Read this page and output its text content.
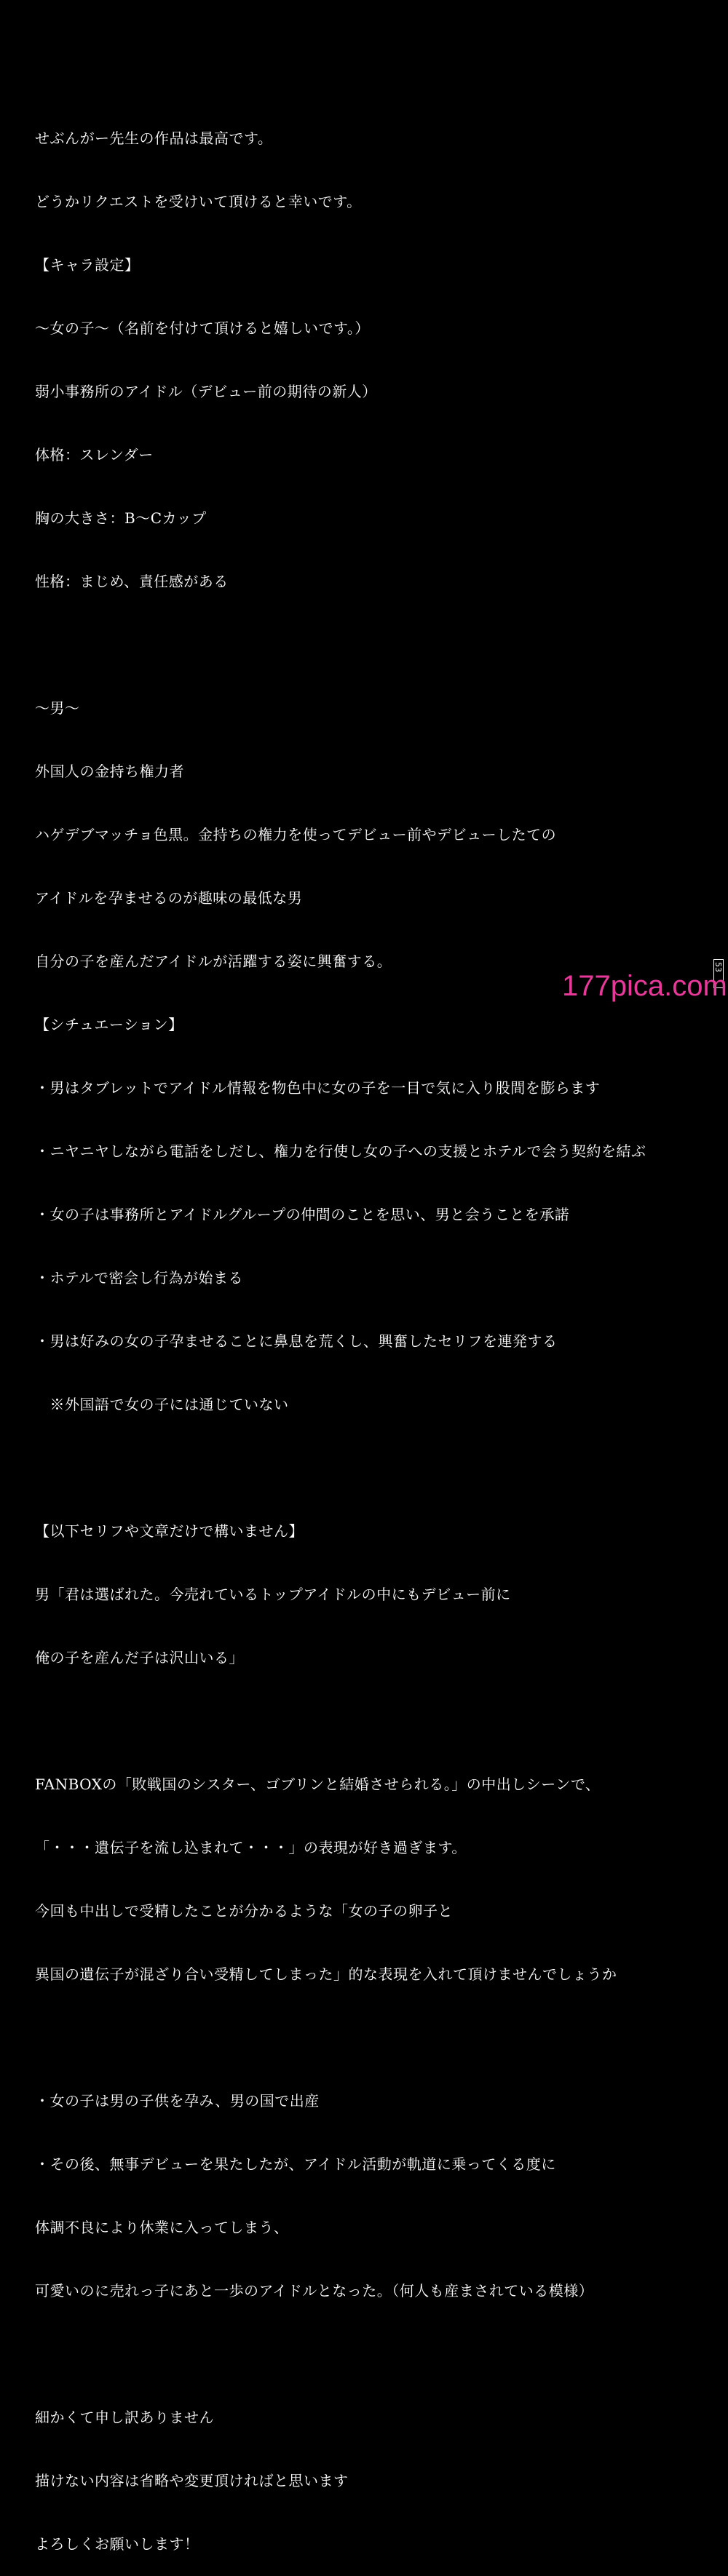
せぶんがー先生の作品は最高です。

どうかリクエストを受けいて頂けると幸いです。

【キャラ設定】

〜女の子〜（名前を付けて頂けると嬉しいです。）

弱小事務所のアイドル（デビュー前の期待の新人）

体格：スレンダー

胸の大きさ：B〜Cカップ

性格：まじめ、責任感がある

〜男〜

外国人の金持ち権力者

ハゲデブマッチョ色黒。金持ちの権力を使ってデビュー前やデビューしたての

アイドルを孕ませるのが趣味の最低な男

自分の子を産んだアイドルが活躍する姿に興奮する。

【シチュエーション】

・男はタブレットでアイドル情報を物色中に女の子を一目で気に入り股間を膨らます

・ニヤニヤしながら電話をしだし、権力を行使し女の子への支援とホテルで会う契約を結ぶ

・女の子は事務所とアイドルグループの仲間のことを思い、男と会うことを承諾

・ホテルで密会し行為が始まる

・男は好みの女の子孕ませることに鼻息を荒くし、興奮したセリフを連発する

　※外国語で女の子には通じていない

【以下セリフや文章だけで構いません】

男「君は選ばれた。今売れているトップアイドルの中にもデビュー前に

俺の子を産んだ子は沢山いる」

FANBOXの「敗戦国のシスター、ゴブリンと結婚させられる。」の中出しシーンで、

「・・・遺伝子を流し込まれて・・・」の表現が好き過ぎます。

今回も中出しで受精したことが分かるような「女の子の卵子と

異国の遺伝子が混ざり合い受精してしまった」的な表現を入れて頂けませんでしょうか

・女の子は男の子供を孕み、男の国で出産

・その後、無事デビューを果たしたが、アイドル活動が軌道に乗ってくる度に

体調不良により休業に入ってしまう、

可愛いのに売れっ子にあと一歩のアイドルとなった。（何人も産まされている模様）

細かくて申し訳ありません

描けない内容は省略や変更頂ければと思います

よろしくお願いします！

53
177pica.com
